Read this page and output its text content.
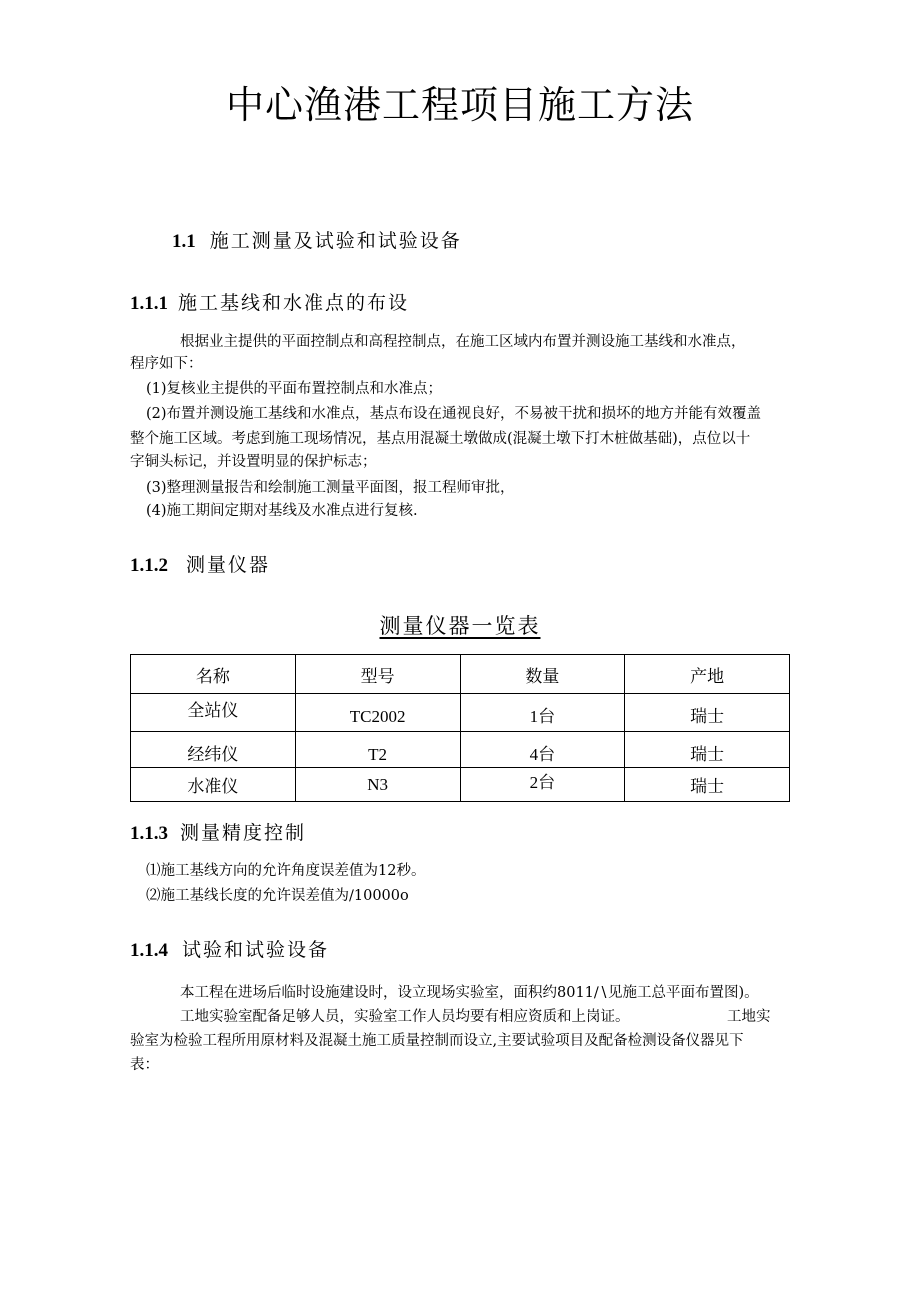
中心渔港工程项目施工方法
1.1 施工测量及试验和试验设备
1.1.1 施工基线和水准点的布设
根据业主提供的平面控制点和高程控制点，在施工区域内布置并测设施工基线和水准点，
程序如下：
(1)复核业主提供的平面布置控制点和水准点；
(2)布置并测设施工基线和水准点，基点布设在通视良好，不易被干扰和损坏的地方并能有效覆盖
整个施工区域。考虑到施工现场情况，基点用混凝土墩做成(混凝土墩下打木桩做基础)，点位以十
字铜头标记，并设置明显的保护标志；
(3)整理测量报告和绘制施工测量平面图，报工程师审批，
(4)施工期间定期对基线及水准点进行复核.
1.1.2 测量仪器
测量仪器一览表
名称	型号	数量	产地
全站仪	TC2002	1台	瑞士
经纬仪	T2	4台	瑞士
水准仪	N3	2台	瑞士
1.1.3 测量精度控制
⑴施工基线方向的允许角度误差值为12秒。
⑵施工基线长度的允许误差值为∕10000o
1.1.4 试验和试验设备
本工程在进场后临时设施建设时，设立现场实验室，面积约8011∕∖见施工总平面布置图)。
工地实验室配备足够人员，实验室工作人员均要有相应资质和上岗证。	工地实
验室为检验工程所用原材料及混凝土施工质量控制而设立,主要试验项目及配备检测设备仪器见下
表：
